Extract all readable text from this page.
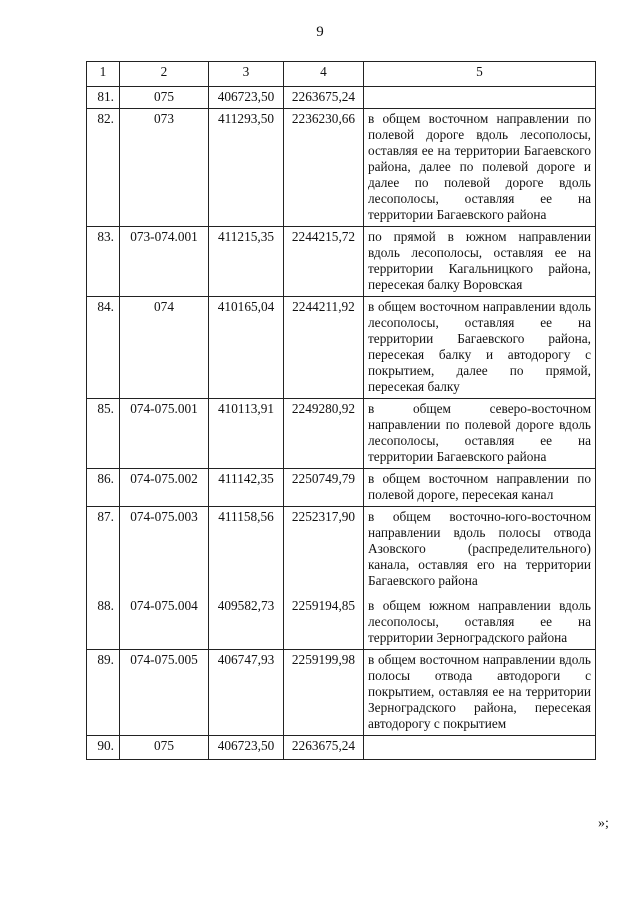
9
1	2	3	4	5
81.	075	406723,50	2263675,24	
82.	073	411293,50	2236230,66	в общем восточном направлении по полевой дороге вдоль лесополосы, оставляя ее на территории Багаевского района, далее по полевой дороге и далее по полевой дороге вдоль лесополосы, оставляя ее на территории Багаевского района
83.	073-074.001	411215,35	2244215,72	по прямой в южном направлении вдоль лесополосы, оставляя ее на территории Кагальницкого района, пересекая балку Воровская
84.	074	410165,04	2244211,92	в общем восточном направлении вдоль лесополосы, оставляя ее на территории Багаевского района, пересекая балку и автодорогу с покрытием, далее по прямой, пересекая балку
85.	074-075.001	410113,91	2249280,92	в общем северо-восточном направлении по полевой дороге вдоль лесополосы, оставляя ее на территории Багаевского района
86.	074-075.002	411142,35	2250749,79	в общем восточном направлении по полевой дороге, пересекая канал
87.	074-075.003	411158,56	2252317,90	в общем восточно-юго-восточном направлении вдоль полосы отвода Азовского (распределительного) канала, оставляя его на территории Багаевского района
88.	074-075.004	409582,73	2259194,85	в общем южном направлении вдоль лесополосы, оставляя ее на территории Зерноградского района
89.	074-075.005	406747,93	2259199,98	в общем восточном направлении вдоль полосы отвода автодороги с покрытием, оставляя ее на территории Зерноградского района, пересекая автодорогу с покрытием
90.	075	406723,50	2263675,24	
»;
